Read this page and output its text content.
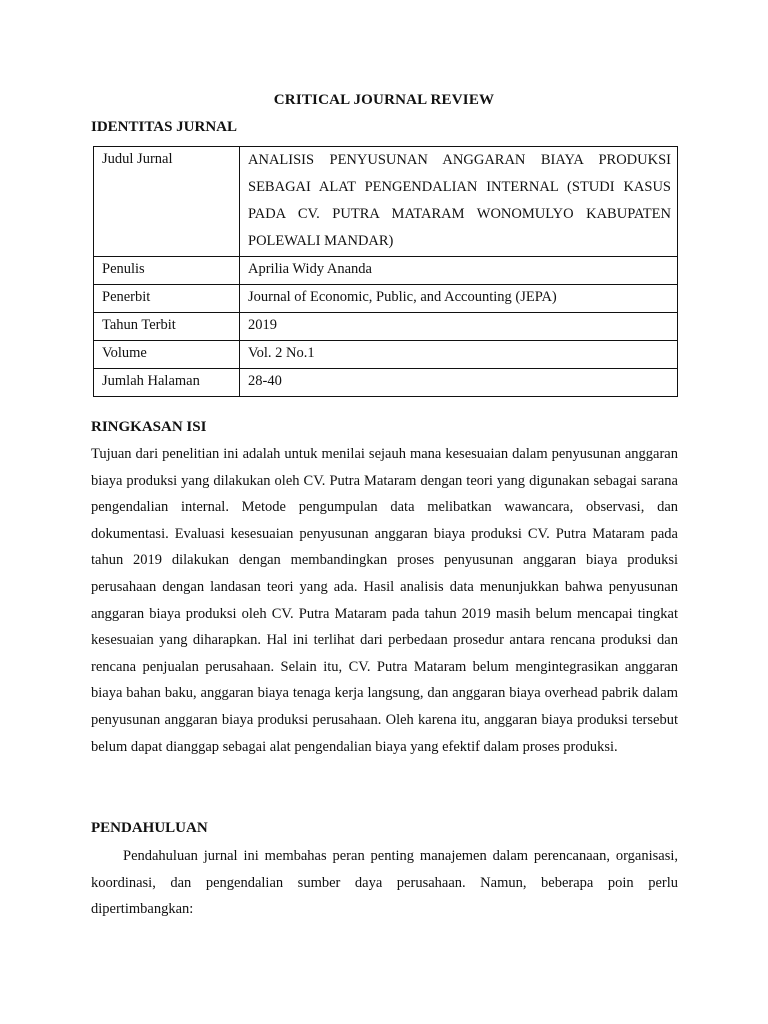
CRITICAL JOURNAL REVIEW
IDENTITAS JURNAL
Judul Jurnal	ANALISIS PENYUSUNAN ANGGARAN BIAYA PRODUKSI SEBAGAI ALAT PENGENDALIAN INTERNAL (STUDI KASUS PADA CV. PUTRA MATARAM WONOMULYO KABUPATEN
POLEWALI MANDAR)

Penulis	Aprilia Widy Ananda
Penerbit	Journal of Economic, Public, and Accounting (JEPA)
Tahun Terbit	2019
Volume	Vol. 2 No.1
Jumlah Halaman	28-40
RINGKASAN ISI

Tujuan dari penelitian ini adalah untuk menilai sejauh mana kesesuaian dalam penyusunan anggaran biaya produksi yang dilakukan oleh CV. Putra Mataram dengan teori yang digunakan sebagai sarana pengendalian internal. Metode pengumpulan data melibatkan wawancara, observasi, dan dokumentasi. Evaluasi kesesuaian penyusunan anggaran biaya produksi CV. Putra Mataram pada tahun 2019 dilakukan dengan membandingkan proses penyusunan anggaran biaya produksi perusahaan dengan landasan teori yang ada. Hasil analisis data menunjukkan bahwa penyusunan anggaran biaya produksi oleh CV. Putra Mataram pada tahun 2019 masih belum mencapai tingkat kesesuaian yang diharapkan. Hal ini terlihat dari perbedaan prosedur antara rencana produksi dan rencana penjualan perusahaan. Selain itu, CV. Putra Mataram belum mengintegrasikan anggaran biaya bahan baku, anggaran biaya tenaga kerja langsung, dan anggaran biaya overhead pabrik dalam penyusunan anggaran biaya produksi perusahaan. Oleh karena itu, anggaran biaya produksi tersebut belum dapat dianggap sebagai alat pengendalian biaya yang efektif dalam proses produksi.

PENDAHULUAN

Pendahuluan jurnal ini membahas peran penting manajemen dalam perencanaan, organisasi, koordinasi, dan pengendalian sumber daya perusahaan. Namun, beberapa poin perlu dipertimbangkan:
